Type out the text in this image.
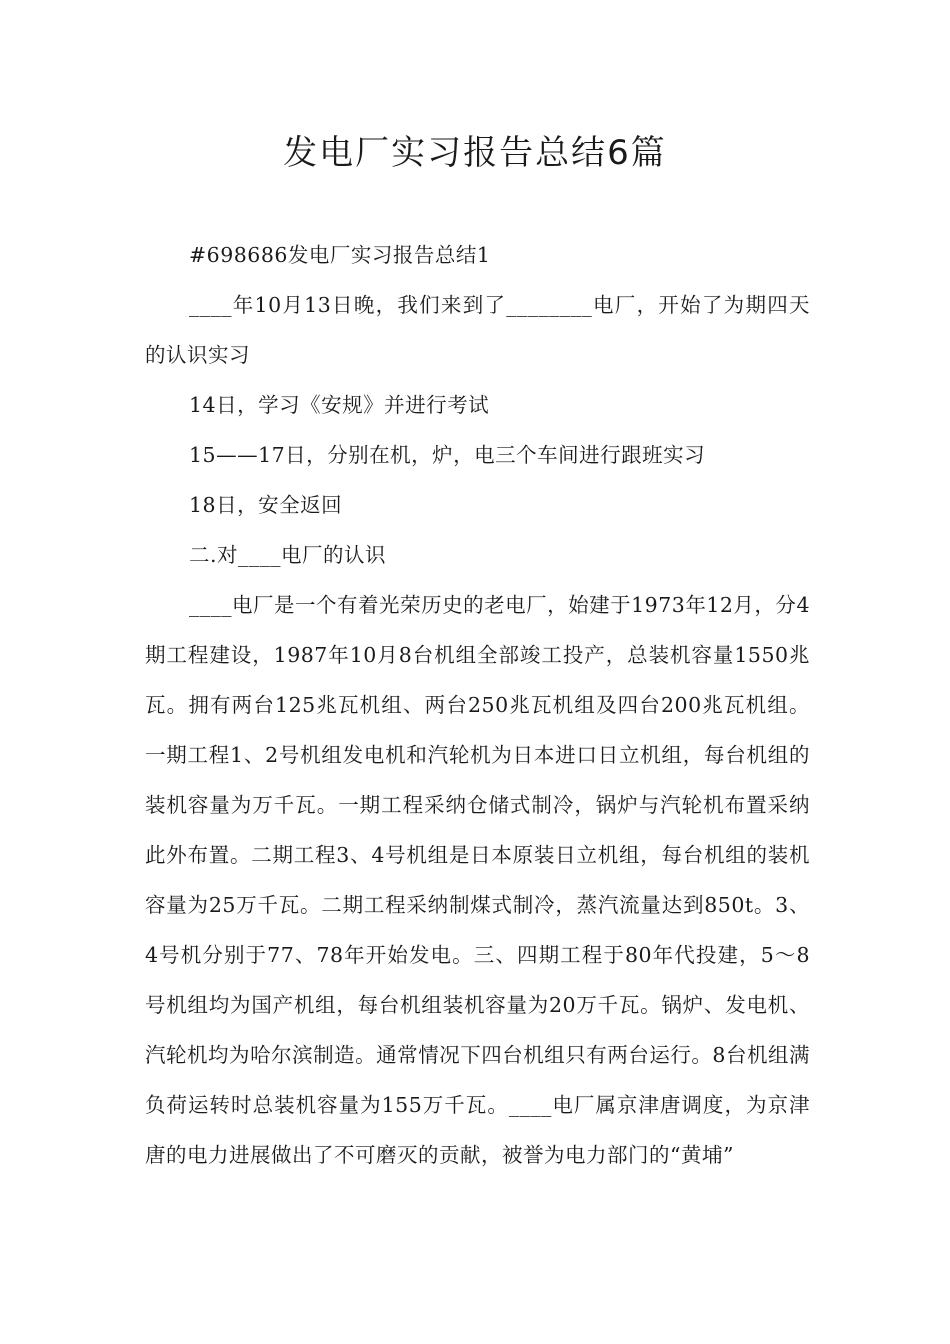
发电厂实习报告总结6篇

#698686发电厂实习报告总结1

____年10月13日晚，我们来到了________电厂，开始了为期四天的认识实习

14日，学习《安规》并进行考试

15——17日，分别在机，炉，电三个车间进行跟班实习

18日，安全返回

二.对____电厂的认识

____电厂是一个有着光荣历史的老电厂，始建于1973年12月，分4期工程建设，1987年10月8台机组全部竣工投产，总装机容量1550兆瓦。拥有两台125兆瓦机组、两台250兆瓦机组及四台200兆瓦机组。一期工程1、2号机组发电机和汽轮机为日本进口日立机组，每台机组的装机容量为万千瓦。一期工程采纳仓储式制冷，锅炉与汽轮机布置采纳此外布置。二期工程3、4号机组是日本原装日立机组，每台机组的装机容量为25万千瓦。二期工程采纳制煤式制冷，蒸汽流量达到850t。3、4号机分别于77、78年开始发电。三、四期工程于80年代投建，5～8号机组均为国产机组，每台机组装机容量为20万千瓦。锅炉、发电机、汽轮机均为哈尔滨制造。通常情况下四台机组只有两台运行。8台机组满负荷运转时总装机容量为155万千瓦。____电厂属京津唐调度，为京津唐的电力进展做出了不可磨灭的贡献，被誉为电力部门的“黄埔”
